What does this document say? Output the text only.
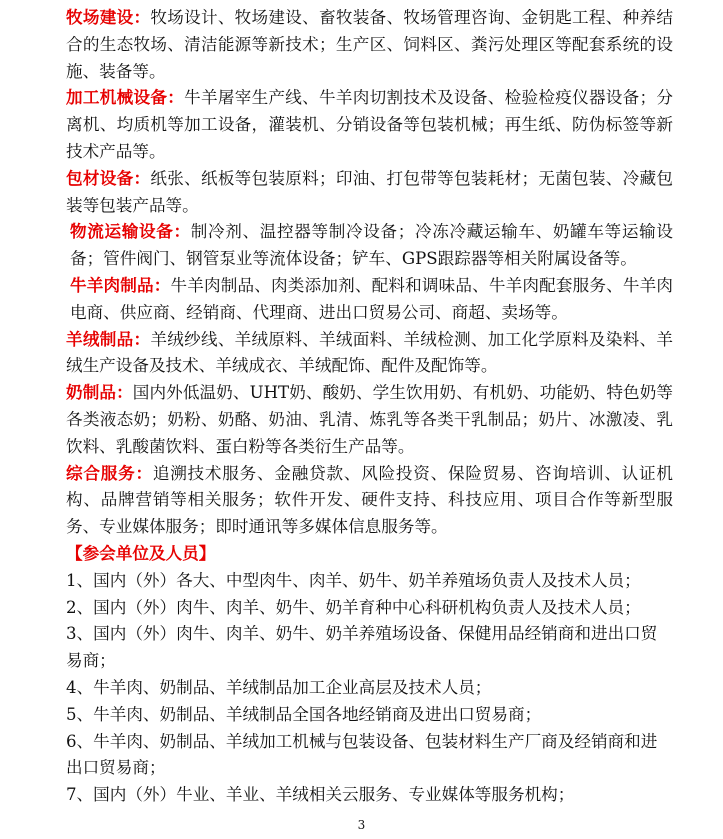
牧场建设：牧场设计、牧场建设、畜牧装备、牧场管理咨询、金钥匙工程、种养结合的生态牧场、清洁能源等新技术；生产区、饲料区、粪污处理区等配套系统的设施、装备等。

加工机械设备：牛羊屠宰生产线、牛羊肉切割技术及设备、检验检疫仪器设备；分离机、均质机等加工设备，灌装机、分销设备等包装机械；再生纸、防伪标签等新技术产品等。

包材设备：纸张、纸板等包装原料；印油、打包带等包装耗材；无菌包装、冷藏包装等包装产品等。

物流运输设备：制冷剂、温控器等制冷设备；冷冻冷藏运输车、奶罐车等运输设备；管件阀门、钢管泵业等流体设备；铲车、GPS跟踪器等相关附属设备等。

牛羊肉制品：牛羊肉制品、肉类添加剂、配料和调味品、牛羊肉配套服务、牛羊肉电商、供应商、经销商、代理商、进出口贸易公司、商超、卖场等。

羊绒制品：羊绒纱线、羊绒原料、羊绒面料、羊绒检测、加工化学原料及染料、羊绒生产设备及技术、羊绒成衣、羊绒配饰、配件及配饰等。

奶制品：国内外低温奶、UHT奶、酸奶、学生饮用奶、有机奶、功能奶、特色奶等各类液态奶；奶粉、奶酪、奶油、乳清、炼乳等各类干乳制品；奶片、冰激凌、乳饮料、乳酸菌饮料、蛋白粉等各类衍生产品等。

综合服务：追溯技术服务、金融贷款、风险投资、保险贸易、咨询培训、认证机构、品牌营销等相关服务；软件开发、硬件支持、科技应用、项目合作等新型服务、专业媒体服务；即时通讯等多媒体信息服务等。

【参会单位及人员】

1、国内（外）各大、中型肉牛、肉羊、奶牛、奶羊养殖场负责人及技术人员；

2、国内（外）肉牛、肉羊、奶牛、奶羊育种中心科研机构负责人及技术人员；

3、国内（外）肉牛、肉羊、奶牛、奶羊养殖场设备、保健用品经销商和进出口贸易商；

4、牛羊肉、奶制品、羊绒制品加工企业高层及技术人员；

5、牛羊肉、奶制品、羊绒制品全国各地经销商及进出口贸易商；

6、牛羊肉、奶制品、羊绒加工机械与包装设备、包装材料生产厂商及经销商和进出口贸易商；

7、国内（外）牛业、羊业、羊绒相关云服务、专业媒体等服务机构；

3
